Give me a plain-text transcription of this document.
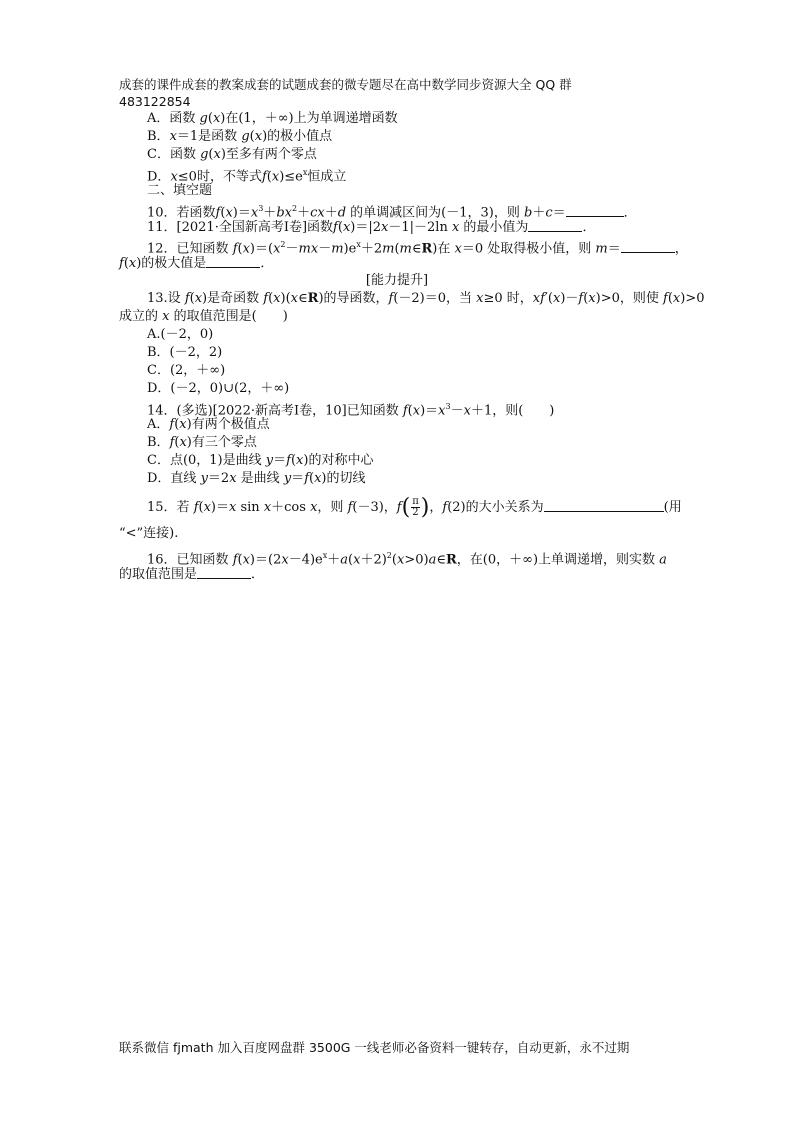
成套的课件成套的教案成套的试题成套的微专题尽在高中数学同步资源大全 QQ 群
483122854
A．函数 g(x)在(1，＋∞)上为单调递增函数
B．x＝1是函数 g(x)的极小值点
C．函数 g(x)至多有两个零点
D．x≤0时，不等式$f(x)\le e^x$恒成立
二、填空题
10．若函数$f(x)=x^3+bx^2+cx+d$ 的单调减区间为(－1，3)，则 b＋c＝	．
11．[2021·全国新高考Ⅰ卷]函数f(x)＝|2x－1|－2ln x 的最小值为	．
12．已知函数 $f(x)=(x^2-mx-m)e^x+2m(m\in R)$在 x＝0 处取得极小值，则 m＝	，
f(x)的极大值是	．
[能力提升]
13.设 f(x)是奇函数 f(x)(x∈R)的导函数，f(－2)＝0，当 x≥0 时，xf′(x)－f(x)>0，则使 f(x)>0
成立的 x 的取值范围是(　　)
A.(－2，0)
B．(－2，2)
C．(2，＋∞)
D．(－2，0)∪(2，＋∞)
14．(多选)[2022·新高考Ⅰ卷，10]已知函数 $f(x)=x^3-x+1$，则(　　)
A．f(x)有两个极值点
B．f(x)有三个零点
C．点(0，1)是曲线 y＝f(x)的对称中心
D．直线 y＝2x 是曲线 y＝f(x)的切线
15．若 f(x)＝x sin x＋cos x，则 f(－3)，$f( \frac{\pi}{2}$ )，f(2)的大小关系为	(用
“<”连接).
16．已知函数 $f(x)=(2x-4)e^x+a(x+2)^2(x>0)a\in R$，在(0，＋∞)上单调递增，则实数 a
的取值范围是	．
联系微信 fjmath 加入百度网盘群 3500G 一线老师必备资料一键转存，自动更新，永不过期
